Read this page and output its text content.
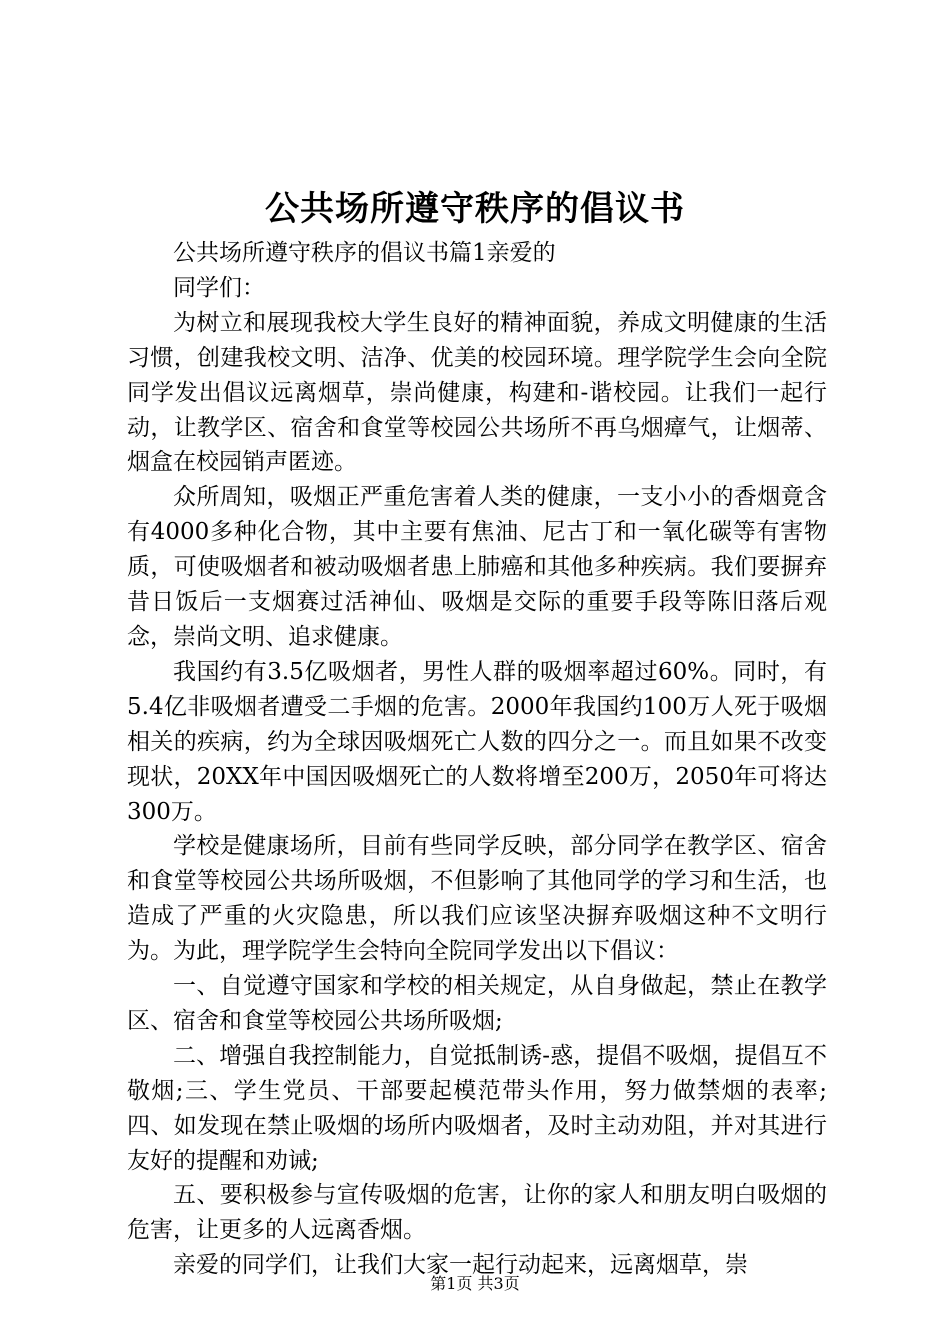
公共场所遵守秩序的倡议书

公共场所遵守秩序的倡议书篇1亲爱的

同学们：

为树立和展现我校大学生良好的精神面貌，养成文明健康的生活习惯，创建我校文明、洁净、优美的校园环境。理学院学生会向全院同学发出倡议远离烟草，崇尚健康，构建和-谐校园。让我们一起行动，让教学区、宿舍和食堂等校园公共场所不再乌烟瘴气，让烟蒂、烟盒在校园销声匿迹。

众所周知，吸烟正严重危害着人类的健康，一支小小的香烟竟含有4000多种化合物，其中主要有焦油、尼古丁和一氧化碳等有害物质，可使吸烟者和被动吸烟者患上肺癌和其他多种疾病。我们要摒弃昔日饭后一支烟赛过活神仙、吸烟是交际的重要手段等陈旧落后观念，崇尚文明、追求健康。

我国约有3.5亿吸烟者，男性人群的吸烟率超过60%。同时，有5.4亿非吸烟者遭受二手烟的危害。2000年我国约100万人死于吸烟相关的疾病，约为全球因吸烟死亡人数的四分之一。而且如果不改变现状，20XX年中国因吸烟死亡的人数将增至200万，2050年可将达300万。

学校是健康场所，目前有些同学反映，部分同学在教学区、宿舍和食堂等校园公共场所吸烟，不但影响了其他同学的学习和生活，也造成了严重的火灾隐患，所以我们应该坚决摒弃吸烟这种不文明行为。为此，理学院学生会特向全院同学发出以下倡议：

一、自觉遵守国家和学校的相关规定，从自身做起，禁止在教学区、宿舍和食堂等校园公共场所吸烟;

二、增强自我控制能力，自觉抵制诱-惑，提倡不吸烟，提倡互不敬烟;三、学生党员、干部要起模范带头作用，努力做禁烟的表率;四、如发现在禁止吸烟的场所内吸烟者，及时主动劝阻，并对其进行友好的提醒和劝诫;

五、要积极参与宣传吸烟的危害，让你的家人和朋友明白吸烟的危害，让更多的人远离香烟。

亲爱的同学们，让我们大家一起行动起来，远离烟草，崇

第1页 共3页
